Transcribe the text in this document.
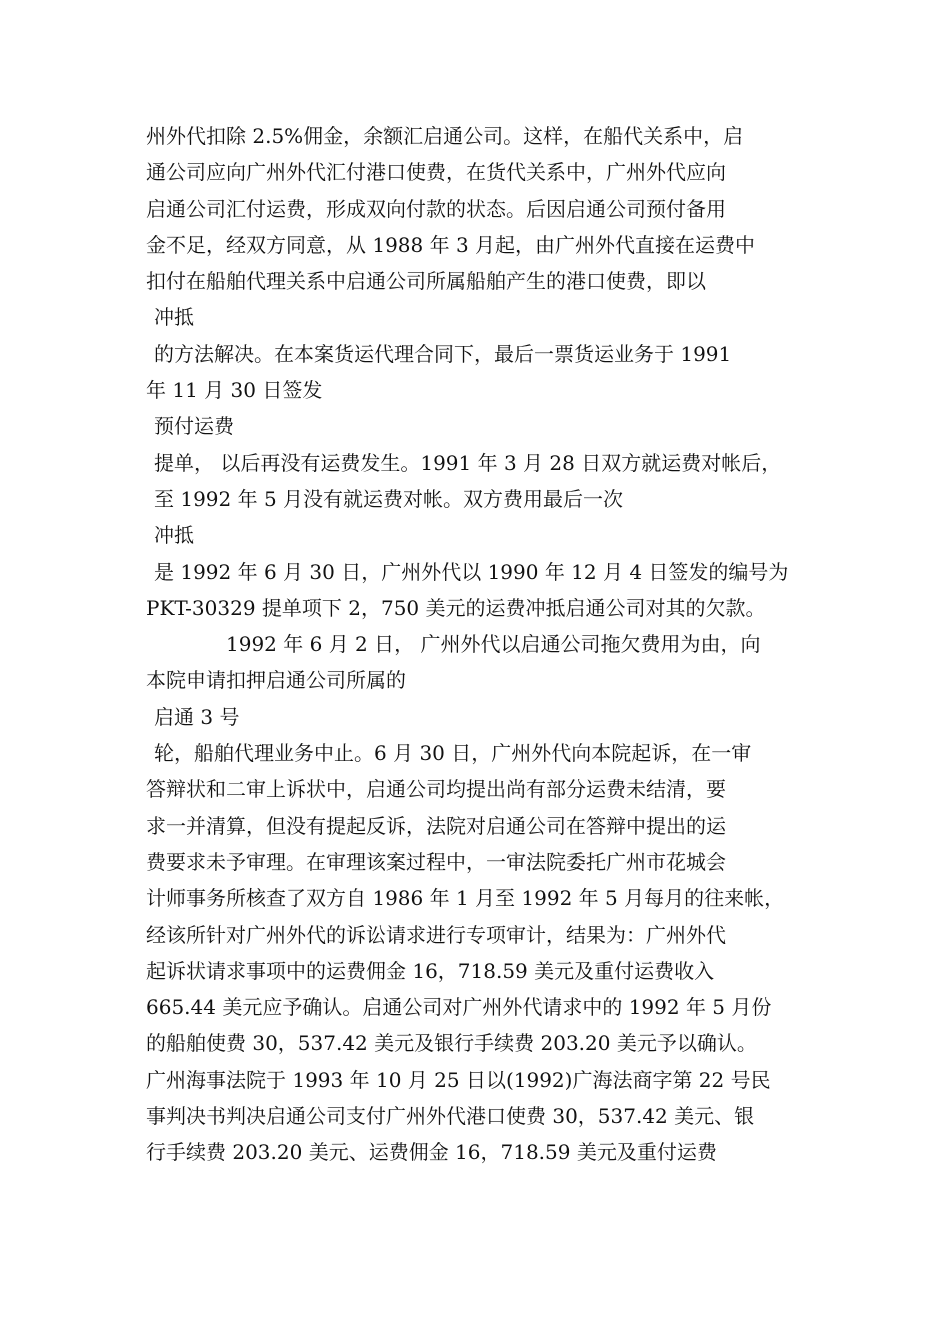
州外代扣除 2.5%佣金，余额汇启通公司。这样，在船代关系中，启
通公司应向广州外代汇付港口使费，在货代关系中，广州外代应向
启通公司汇付运费，形成双向付款的状态。后因启通公司预付备用
金不足，经双方同意，从 1988 年 3 月起，由广州外代直接在运费中
扣付在船舶代理关系中启通公司所属船舶产生的港口使费，即以
冲抵
的方法解决。在本案货运代理合同下，最后一票货运业务于 1991
年 11 月 30 日签发
预付运费
提单， 以后再没有运费发生。1991 年 3 月 28 日双方就运费对帐后，
至 1992 年 5 月没有就运费对帐。双方费用最后一次
冲抵
是 1992 年 6 月 30 日，广州外代以 1990 年 12 月 4 日签发的编号为
PKT-30329 提单项下 2，750 美元的运费冲抵启通公司对其的欠款。
1992 年 6 月 2 日， 广州外代以启通公司拖欠费用为由，向
本院申请扣押启通公司所属的
启通 3 号
轮，船舶代理业务中止。6 月 30 日，广州外代向本院起诉，在一审
答辩状和二审上诉状中，启通公司均提出尚有部分运费未结清，要
求一并清算，但没有提起反诉，法院对启通公司在答辩中提出的运
费要求未予审理。在审理该案过程中，一审法院委托广州市花城会
计师事务所核查了双方自 1986 年 1 月至 1992 年 5 月每月的往来帐，
经该所针对广州外代的诉讼请求进行专项审计，结果为：广州外代
起诉状请求事项中的运费佣金 16，718.59 美元及重付运费收入
665.44 美元应予确认。启通公司对广州外代请求中的 1992 年 5 月份
的船舶使费 30，537.42 美元及银行手续费 203.20 美元予以确认。
广州海事法院于 1993 年 10 月 25 日以(1992)广海法商字第 22 号民
事判决书判决启通公司支付广州外代港口使费 30，537.42 美元、银
行手续费 203.20 美元、运费佣金 16，718.59 美元及重付运费
